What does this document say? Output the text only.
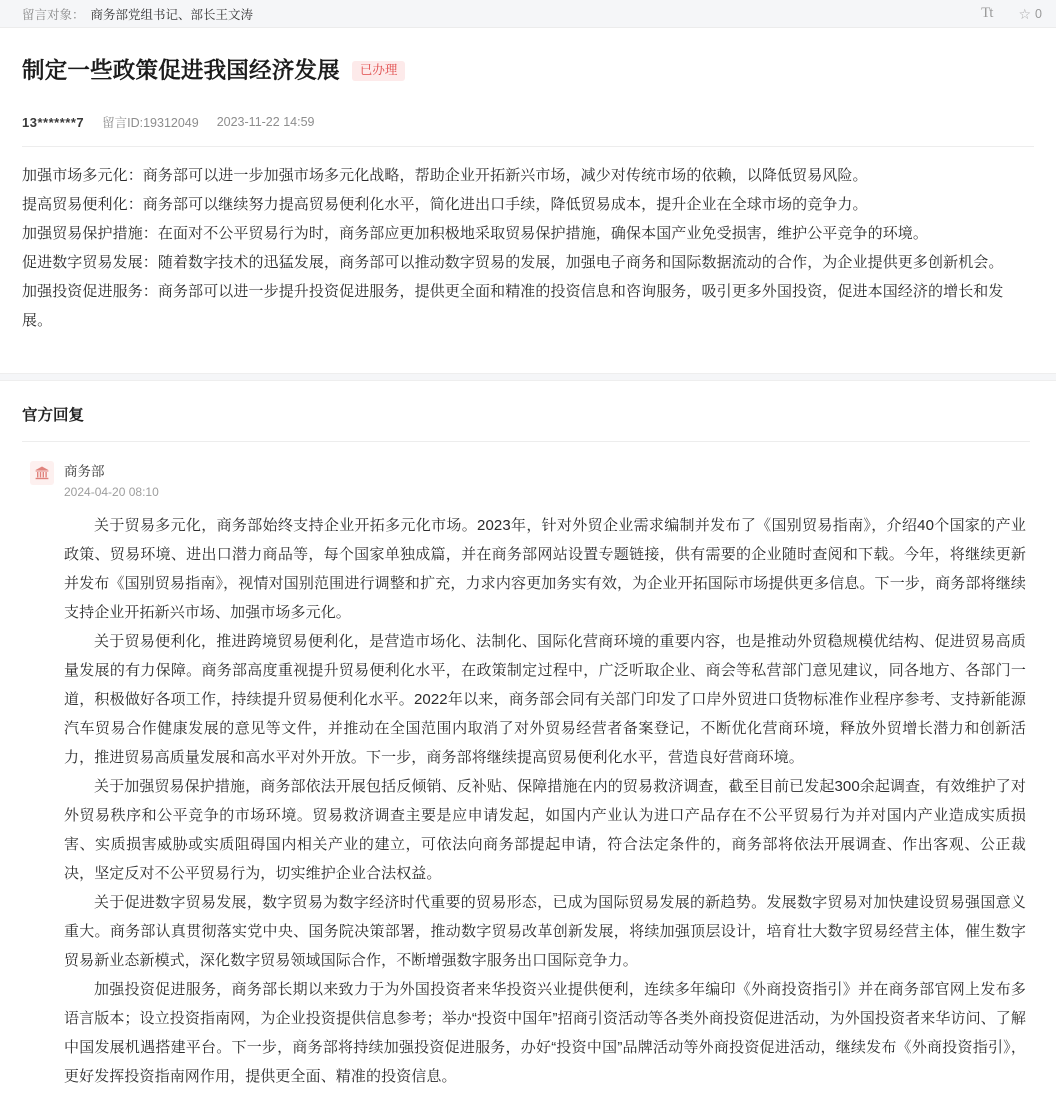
留言对象： 商务部党组书记、部长王文涛	Tt ☆ 0
制定一些政策促进我国经济发展	已办理
13*******7 留言ID:19312049 2023-11-22 14:59

加强市场多元化：商务部可以进一步加强市场多元化战略，帮助企业开拓新兴市场，减少对传统市场的依赖，以降低贸易风险。

提高贸易便利化：商务部可以继续努力提高贸易便利化水平，简化进出口手续，降低贸易成本，提升企业在全球市场的竞争力。

加强贸易保护措施：在面对不公平贸易行为时，商务部应更加积极地采取贸易保护措施，确保本国产业免受损害，维护公平竞争的环境。

促进数字贸易发展：随着数字技术的迅猛发展，商务部可以推动数字贸易的发展，加强电子商务和国际数据流动的合作，为企业提供更多创新机会。

加强投资促进服务：商务部可以进一步提升投资促进服务，提供更全面和精准的投资信息和咨询服务，吸引更多外国投资，促进本国经济的增长和发展。

官方回复
商务部
2024-04-20 08:10

关于贸易多元化，商务部始终支持企业开拓多元化市场。2023年，针对外贸企业需求编制并发布了《国别贸易指南》，介绍40个国家的产业政策、贸易环境、进出口潜力商品等，每个国家单独成篇，并在商务部网站设置专题链接，供有需要的企业随时查阅和下载。今年，将继续更新并发布《国别贸易指南》，视情对国别范围进行调整和扩充，力求内容更加务实有效，为企业开拓国际市场提供更多信息。下一步，商务部将继续支持企业开拓新兴市场、加强市场多元化。

关于贸易便利化，推进跨境贸易便利化，是营造市场化、法制化、国际化营商环境的重要内容，也是推动外贸稳规模优结构、促进贸易高质量发展的有力保障。商务部高度重视提升贸易便利化水平，在政策制定过程中，广泛听取企业、商会等私营部门意见建议，同各地方、各部门一道，积极做好各项工作，持续提升贸易便利化水平。2022年以来，商务部会同有关部门印发了口岸外贸进口货物标准作业程序参考、支持新能源汽车贸易合作健康发展的意见等文件，并推动在全国范围内取消了对外贸易经营者备案登记，不断优化营商环境，释放外贸增长潜力和创新活力，推进贸易高质量发展和高水平对外开放。下一步，商务部将继续提高贸易便利化水平，营造良好营商环境。

关于加强贸易保护措施，商务部依法开展包括反倾销、反补贴、保障措施在内的贸易救济调查，截至目前已发起300余起调查，有效维护了对外贸易秩序和公平竞争的市场环境。贸易救济调查主要是应申请发起，如国内产业认为进口产品存在不公平贸易行为并对国内产业造成实质损害、实质损害威胁或实质阻碍国内相关产业的建立，可依法向商务部提起申请，符合法定条件的，商务部将依法开展调查、作出客观、公正裁决，坚定反对不公平贸易行为，切实维护企业合法权益。

关于促进数字贸易发展，数字贸易为数字经济时代重要的贸易形态，已成为国际贸易发展的新趋势。发展数字贸易对加快建设贸易强国意义重大。商务部认真贯彻落实党中央、国务院决策部署，推动数字贸易改革创新发展，将续加强顶层设计，培育壮大数字贸易经营主体，催生数字贸易新业态新模式，深化数字贸易领域国际合作，不断增强数字服务出口国际竞争力。

加强投资促进服务，商务部长期以来致力于为外国投资者来华投资兴业提供便利，连续多年编印《外商投资指引》并在商务部官网上发布多语言版本；设立投资指南网，为企业投资提供信息参考；举办“投资中国年”招商引资活动等各类外商投资促进活动，为外国投资者来华访问、了解中国发展机遇搭建平台。下一步，商务部将持续加强投资促进服务，办好“投资中国”品牌活动等外商投资促进活动，继续发布《外商投资指引》，更好发挥投资指南网作用，提供更全面、精准的投资信息。
